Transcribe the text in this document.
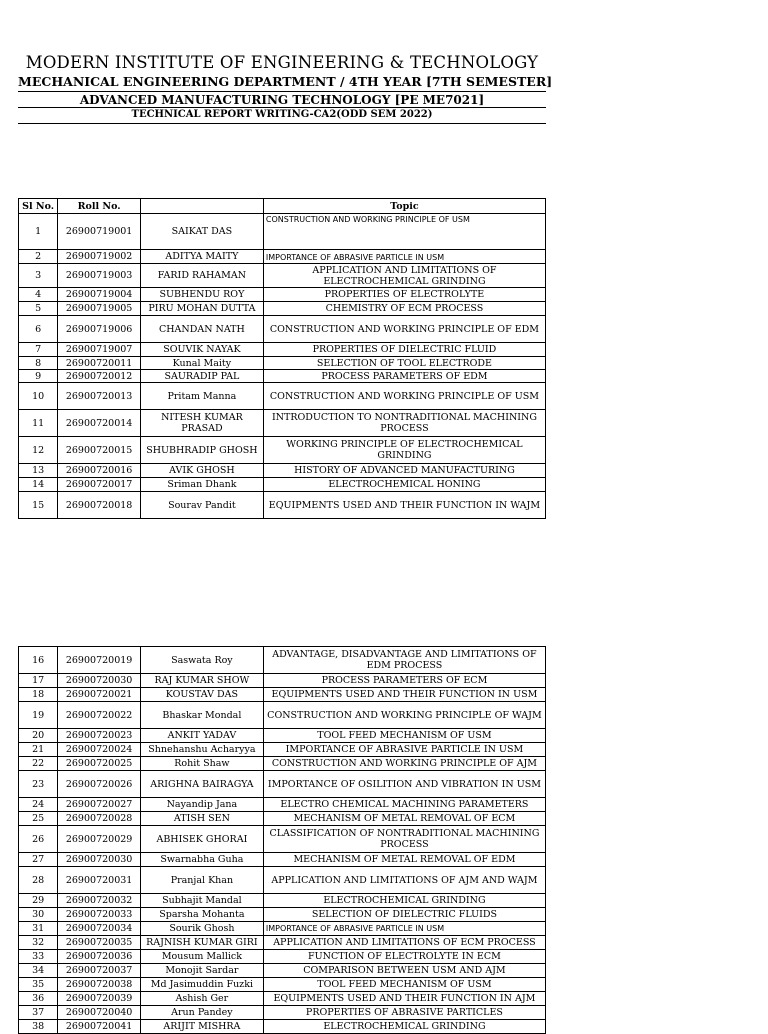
MODERN INSTITUTE OF ENGINEERING & TECHNOLOGY
MECHANICAL ENGINEERING DEPARTMENT / 4TH YEAR [7TH SEMESTER]
ADVANCED MANUFACTURING TECHNOLOGY [PE ME7021]
TECHNICAL REPORT WRITING-CA2(ODD SEM 2022)
Sl No.	Roll No.		Topic
1	26900719001	SAIKAT DAS	CONSTRUCTION AND WORKING PRINCIPLE OF USM
2	26900719002	ADITYA MAITY	IMPORTANCE OF ABRASIVE PARTICLE IN USM
3	26900719003	FARID RAHAMAN	APPLICATION AND LIMITATIONS OF ELECTROCHEMICAL GRINDING
4	26900719004	SUBHENDU ROY	PROPERTIES OF ELECTROLYTE
5	26900719005	PIRU MOHAN DUTTA	CHEMISTRY OF ECM PROCESS
6	26900719006	CHANDAN NATH	CONSTRUCTION AND WORKING PRINCIPLE OF EDM
7	26900719007	SOUVIK NAYAK	PROPERTIES OF DIELECTRIC FLUID
8	26900720011	Kunal Maity	SELECTION OF TOOL ELECTRODE
9	26900720012	SAURADIP PAL	PROCESS PARAMETERS OF EDM
10	26900720013	Pritam Manna	CONSTRUCTION AND WORKING PRINCIPLE OF USM
11	26900720014	NITESH KUMAR PRASAD	INTRODUCTION TO NONTRADITIONAL MACHINING PROCESS
12	26900720015	SHUBHRADIP GHOSH	WORKING PRINCIPLE OF ELECTROCHEMICAL GRINDING
13	26900720016	AVIK GHOSH	HISTORY OF ADVANCED MANUFACTURING
14	26900720017	Sriman Dhank	ELECTROCHEMICAL HONING
15	26900720018	Sourav Pandit	EQUIPMENTS USED AND THEIR FUNCTION IN WAJM
16	26900720019	Saswata Roy	ADVANTAGE, DISADVANTAGE AND LIMITATIONS OF EDM PROCESS
17	26900720030	RAJ KUMAR SHOW	PROCESS PARAMETERS OF ECM
18	26900720021	KOUSTAV DAS	EQUIPMENTS USED AND THEIR FUNCTION IN USM
19	26900720022	Bhaskar Mondal	CONSTRUCTION AND WORKING PRINCIPLE OF WAJM
20	26900720023	ANKIT YADAV	TOOL FEED MECHANISM OF USM
21	26900720024	Shnehanshu Acharyya	IMPORTANCE OF ABRASIVE PARTICLE IN USM
22	26900720025	Rohit Shaw	CONSTRUCTION AND WORKING PRINCIPLE OF AJM
23	26900720026	ARIGHNA BAIRAGYA	IMPORTANCE OF OSILITION AND VIBRATION IN USM
24	26900720027	Nayandip Jana	ELECTRO CHEMICAL MACHINING PARAMETERS
25	26900720028	ATISH SEN	MECHANISM OF METAL REMOVAL OF ECM
26	26900720029	ABHISEK GHORAI	CLASSIFICATION OF NONTRADITIONAL MACHINING PROCESS
27	26900720030	Swarnabha Guha	MECHANISM OF METAL REMOVAL OF EDM
28	26900720031	Pranjal Khan	APPLICATION AND LIMITATIONS OF AJM AND WAJM
29	26900720032	Subhajit Mandal	ELECTROCHEMICAL GRINDING
30	26900720033	Sparsha Mohanta	SELECTION OF DIELECTRIC FLUIDS
31	26900720034	Sourik Ghosh	IMPORTANCE OF ABRASIVE PARTICLE IN USM
32	26900720035	RAJNISH KUMAR GIRI	APPLICATION AND LIMITATIONS OF ECM PROCESS
33	26900720036	Mousum Mallick	FUNCTION OF ELECTROLYTE IN ECM
34	26900720037	Monojit Sardar	COMPARISON BETWEEN USM AND AJM
35	26900720038	Md Jasimuddin Fuzki	TOOL FEED MECHANISM OF USM
36	26900720039	Ashish Ger	EQUIPMENTS USED AND THEIR FUNCTION IN AJM
37	26900720040	Arun Pandey	PROPERTIES OF ABRASIVE PARTICLES
38	26900720041	ARIJIT MISHRA	ELECTROCHEMICAL GRINDING
